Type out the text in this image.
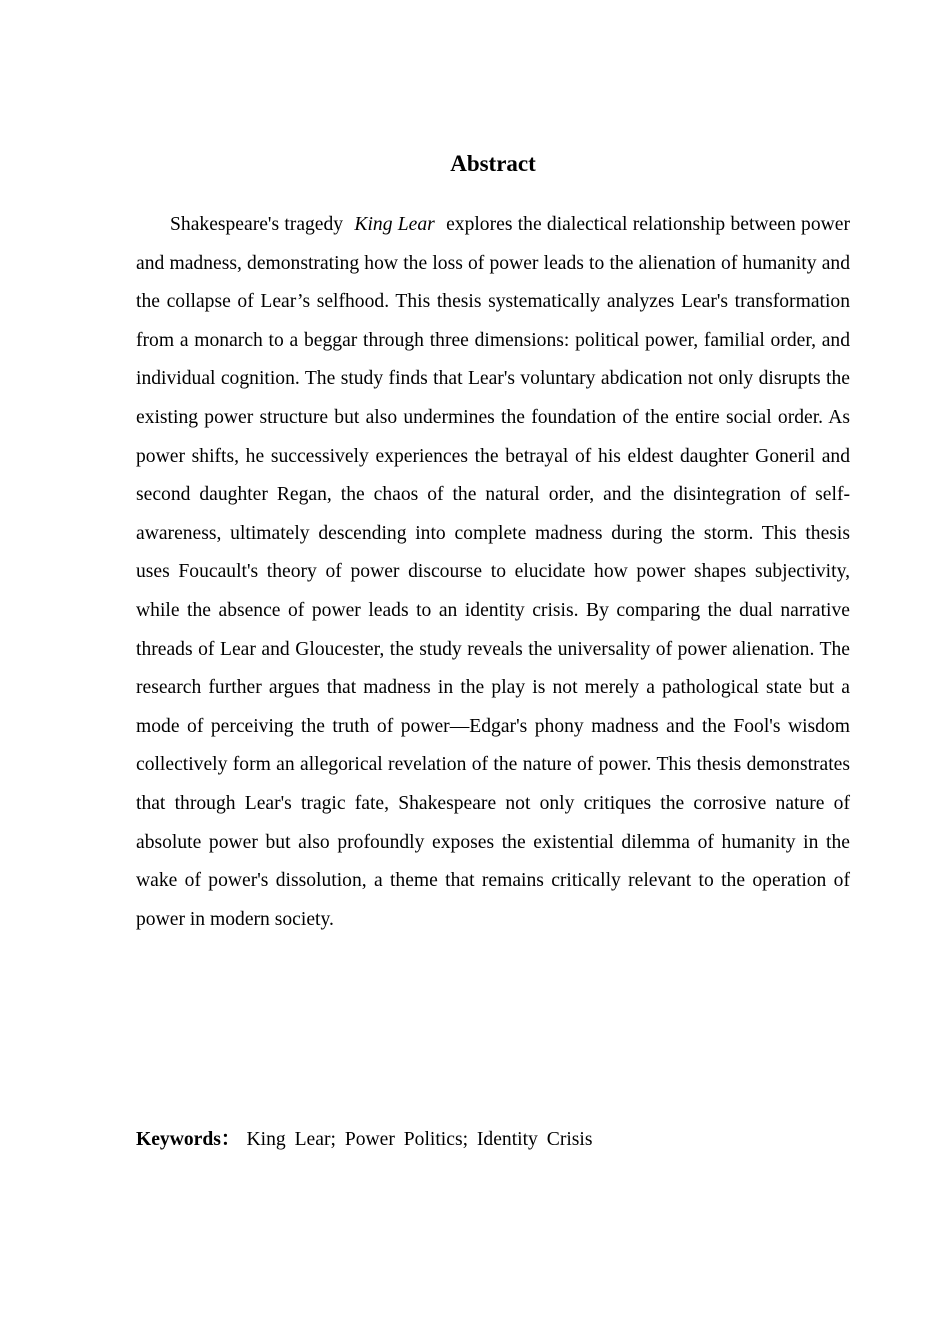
Abstract

Shakespeare's tragedy King Lear explores the dialectical relationship between power and madness, demonstrating how the loss of power leads to the alienation of humanity and the collapse of Lear’s selfhood. This thesis systematically analyzes Lear's transformation from a monarch to a beggar through three dimensions: political power, familial order, and individual cognition. The study finds that Lear's voluntary abdication not only disrupts the existing power structure but also undermines the foundation of the entire social order. As power shifts, he successively experiences the betrayal of his eldest daughter Goneril and second daughter Regan, the chaos of the natural order, and the disintegration of self-awareness, ultimately descending into complete madness during the storm. This thesis uses Foucault's theory of power discourse to elucidate how power shapes subjectivity, while the absence of power leads to an identity crisis. By comparing the dual narrative threads of Lear and Gloucester, the study reveals the universality of power alienation. The research further argues that madness in the play is not merely a pathological state but a mode of perceiving the truth of power—Edgar's phony madness and the Fool's wisdom collectively form an allegorical revelation of the nature of power. This thesis demonstrates that through Lear's tragic fate, Shakespeare not only critiques the corrosive nature of absolute power but also profoundly exposes the existential dilemma of humanity in the wake of power's dissolution, a theme that remains critically relevant to the operation of power in modern society.

Keywords： King Lear; Power Politics; Identity Crisis
